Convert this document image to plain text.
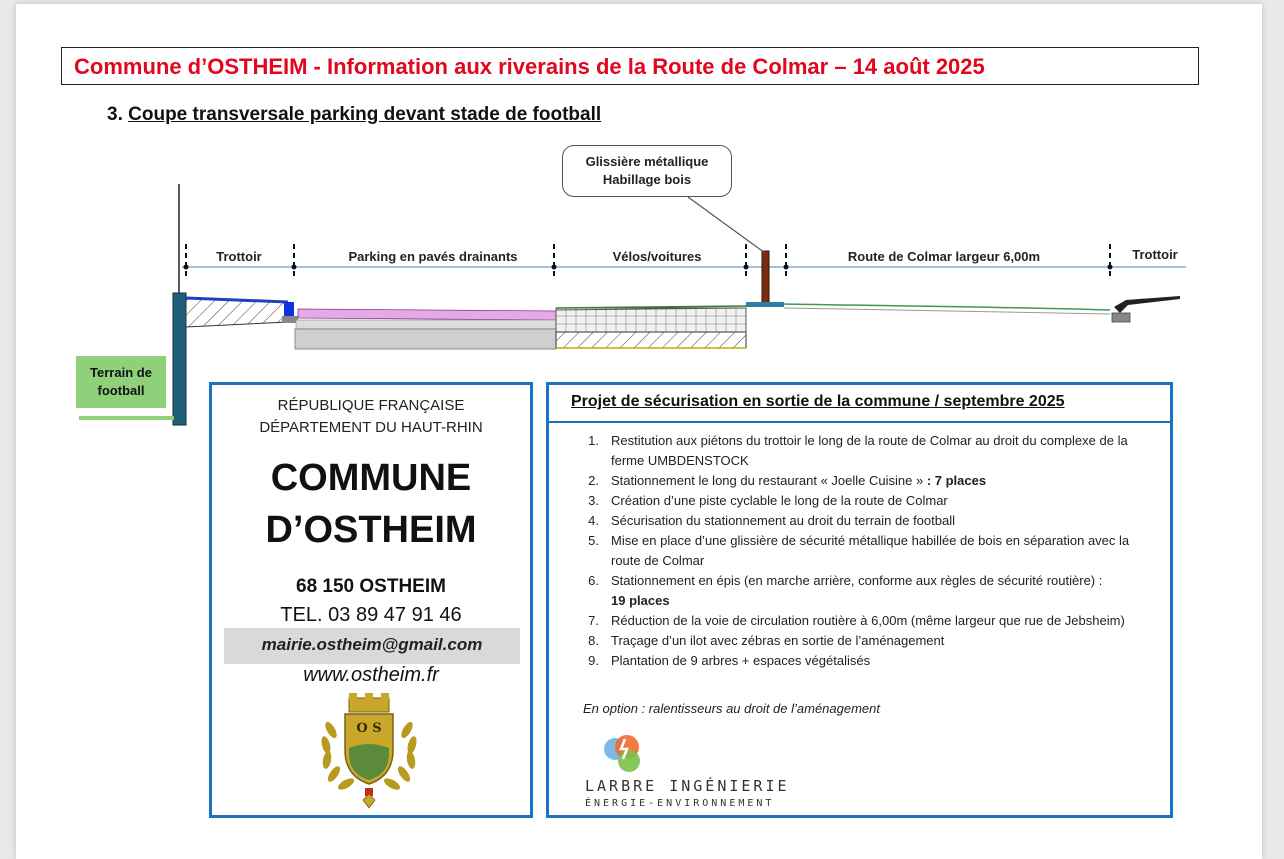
Commune d’OSTHEIM - Information aux riverains de la Route de Colmar – 14 août 2025
3. Coupe transversale parking devant stade de football
Trottoir	Parking en pavés drainants	Vélos/voitures	Route de Colmar largeur 6,00m	Trottoir
Glissière métallique
Habillage bois
Terrain de
football
RÉPUBLIQUE FRANÇAISE
DÉPARTEMENT DU HAUT-RHIN
COMMUNE
D’OSTHEIM
68 150 OSTHEIM
TEL. 03 89 47 91 46
mairie.ostheim@gmail.com
www.ostheim.fr
O S
Projet de sécurisation en sortie de la commune / septembre 2025
1. Restitution aux piétons du trottoir le long de la route de Colmar au droit du complexe de la ferme UMBDENSTOCK
2. Stationnement le long du restaurant « Joelle Cuisine » : 7 places
3. Création d’une piste cyclable le long de la route de Colmar
4. Sécurisation du stationnement au droit du terrain de football
5. Mise en place d’une glissière de sécurité métallique habillée de bois en séparation avec la route de Colmar
6. Stationnement en épis (en marche arrière, conforme aux règles de sécurité routière) :
19 places
7. Réduction de la voie de circulation routière à 6,00m (même largeur que rue de Jebsheim)
8. Traçage d’un ilot avec zébras en sortie de l’aménagement
9. Plantation de 9 arbres + espaces végétalisés
En option : ralentisseurs au droit de l’aménagement
LARBRE INGÉNIERIE
ÉNERGIE-ENVIRONNEMENT
